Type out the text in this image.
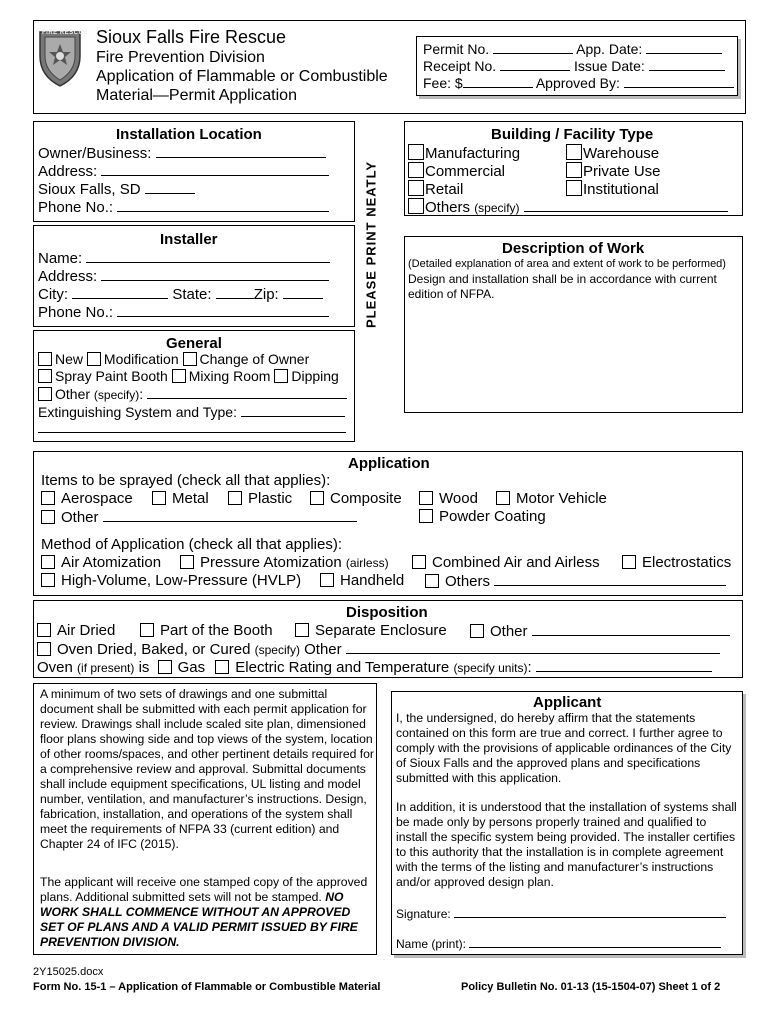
FIRE RESCUE Sioux Falls Fire Rescue
Fire Prevention Division
Application of Flammable or Combustible
Material—Permit Application
Permit No.	App. Date:
Receipt No.	Issue Date:
Fee: $	Approved By:
Installation Location
Owner/Business:
Address:
Sioux Falls, SD
Phone No.:
Installer
Name:
Address:
City:	State:	Zip:
Phone No.:	PLEASE PRINT NEATLY
General
New Modification Change of Owner
Spray Paint Booth Mixing Room Dipping
Other (specify):
Extinguishing System and Type:
Building / Facility Type
Manufacturing	Warehouse
Commercial	Private Use
Retail	Institutional
Others (specify)
Description of Work
(Detailed explanation of area and extent of work to be performed)
Design and installation shall be in accordance with current
edition of NFPA.
Application
Items to be sprayed (check all that applies):
Aerospace	Metal	Plastic	Composite	Wood	Motor Vehicle
Other	Powder Coating
Method of Application (check all that applies):
Air Atomization	Pressure Atomization (airless)	Combined Air and Airless	Electrostatics
High-Volume, Low-Pressure (HVLP)	Handheld	Others
Disposition
Air Dried	Part of the Booth	Separate Enclosure	Other
Oven Dried, Baked, or Cured (specify) Other
Oven (if present) is Gas Electric Rating and Temperature (specify units):
A minimum of two sets of drawings and one submittal document shall be submitted with each permit application for review. Drawings shall include scaled site plan, dimensioned floor plans showing side and top views of the system, location of other rooms/spaces, and other pertinent details required for a comprehensive review and approval. Submittal documents shall include equipment specifications, UL listing and model number, ventilation, and manufacturer’s instructions. Design, fabrication, installation, and operations of the system shall meet the requirements of NFPA 33 (current edition) and Chapter 24 of IFC (2015).
The applicant will receive one stamped copy of the approved plans. Additional submitted sets will not be stamped. NO WORK SHALL COMMENCE WITHOUT AN APPROVED SET OF PLANS AND A VALID PERMIT ISSUED BY FIRE PREVENTION DIVISION.
Applicant
I, the undersigned, do hereby affirm that the statements contained on this form are true and correct. I further agree to comply with the provisions of applicable ordinances of the City of Sioux Falls and the approved plans and specifications submitted with this application.
In addition, it is understood that the installation of systems shall be made only by persons properly trained and qualified to install the specific system being provided. The installer certifies to this authority that the installation is in complete agreement with the terms of the listing and manufacturer’s instructions and/or approved design plan.
Signature:
Name (print):
2Y15025.docx
Form No. 15-1 – Application of Flammable or Combustible Material	Policy Bulletin No. 01-13 (15-1504-07) Sheet 1 of 2
